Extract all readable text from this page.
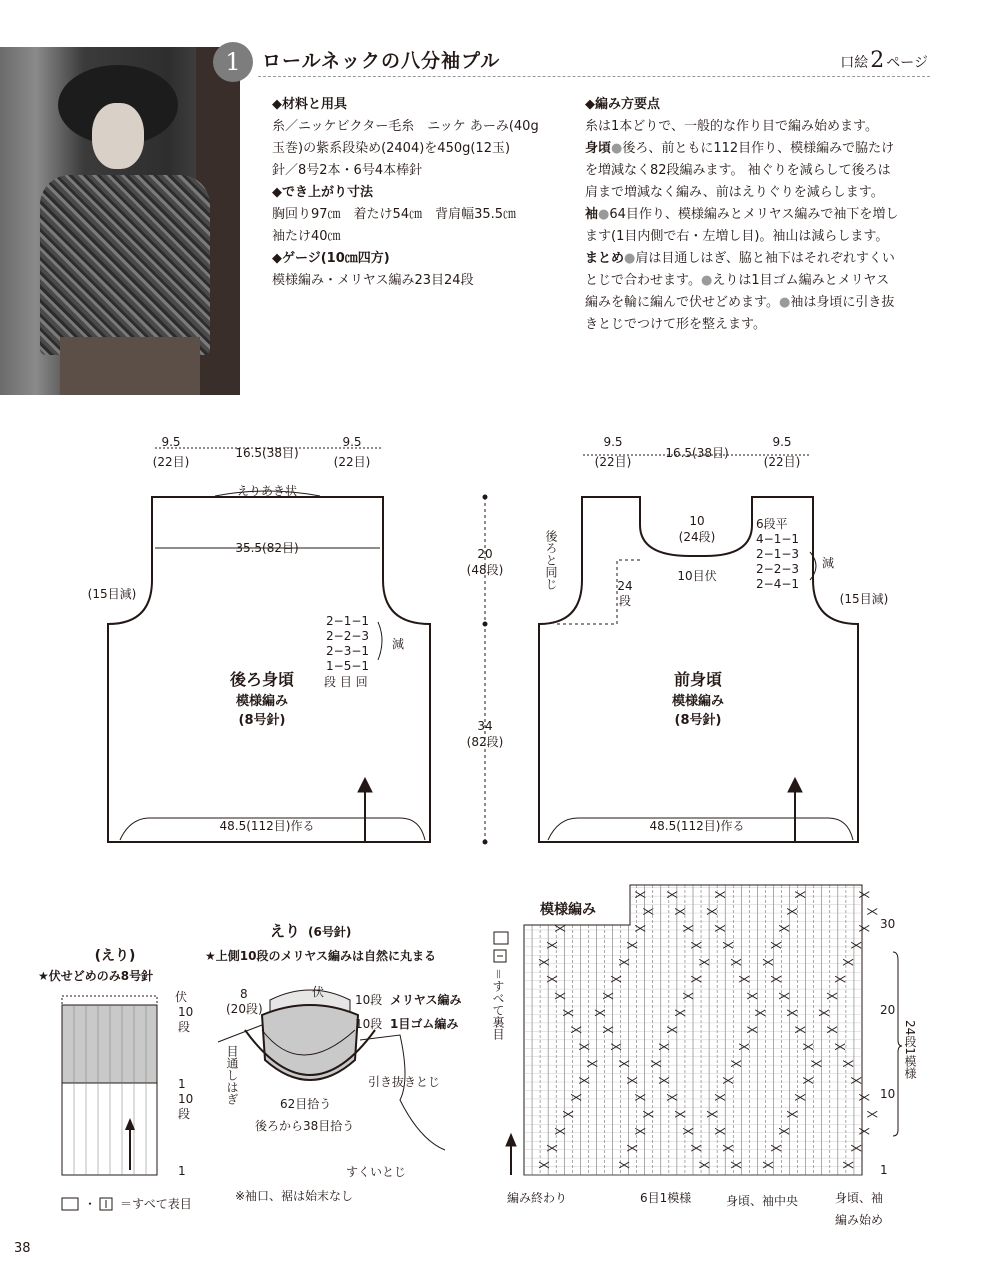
1	ロールネックの八分袖プル	口絵2 ページ
◆材料と用具
糸／ニッケビクター毛糸　ニッケ あーみ(40g
玉巻)の紫系段染め(2404)を450g(12玉)
針／8号2本・6号4本棒針
◆でき上がり寸法
胸回り97㎝　着たけ54㎝　背肩幅35.5㎝
袖たけ40㎝
◆ゲージ(10㎝四方)
模様編み・メリヤス編み23目24段
◆編み方要点
糸は1本どりで、一般的な作り目で編み始めます。
身頃●後ろ、前ともに112目作り、模様編みで脇たけ
を増減なく82段編みます。 袖ぐりを減らして後ろは
肩まで増減なく編み、前はえりぐりを減らします。
袖●64目作り、模様編みとメリヤス編みで袖下を増し
ます(1目内側で右・左増し目)。袖山は減らします。
まとめ●肩は目通しはぎ、脇と袖下はそれぞれすくい
とじで合わせます。●えりは1目ゴム編みとメリヤス
編みを輪に編んで伏せどめます。●袖は身頃に引き抜
きとじでつけて形を整えます。
9.5
(22目)
16.5(38目)
9.5
(22目)
えりあき状
35.5(82目)
(15目減)
2−1−1
2−2−3
2−3−1
1−5−1
段 目 回
減
後ろ身頃
模様編み
(8号針)
48.5(112目)作る
20
(48段)
34
(82段)
9.5
(22目)
16.5(38目)
9.5
(22目)
10
(24段)
10目伏
24
段
6段平
4−1−1
2−1−3
2−2−3
2−4−1
減
(15目減)
前身頃
模様編み
(8号針)
48.5(112目)作る
後ろと同じ
(えり)
★伏せどめのみ8号針
伏
10
段
1
10
段
1
＝すべて表目
・
えり (6号針)
★上側10段のメリヤス編みは自然に丸まる
8
(20段)
伏
10段 メリヤス編み
10段 1目ゴム編み
62目拾う
後ろから38目拾う
引き抜きとじ
すくいとじ
※袖口、裾は始末なし
目通しはぎ
模様編み
30
20
10
1
編み終わり	6目1模様	身頃、袖中央	身頃、袖
編み始め
24段1模様
＝すべて裏目
38
